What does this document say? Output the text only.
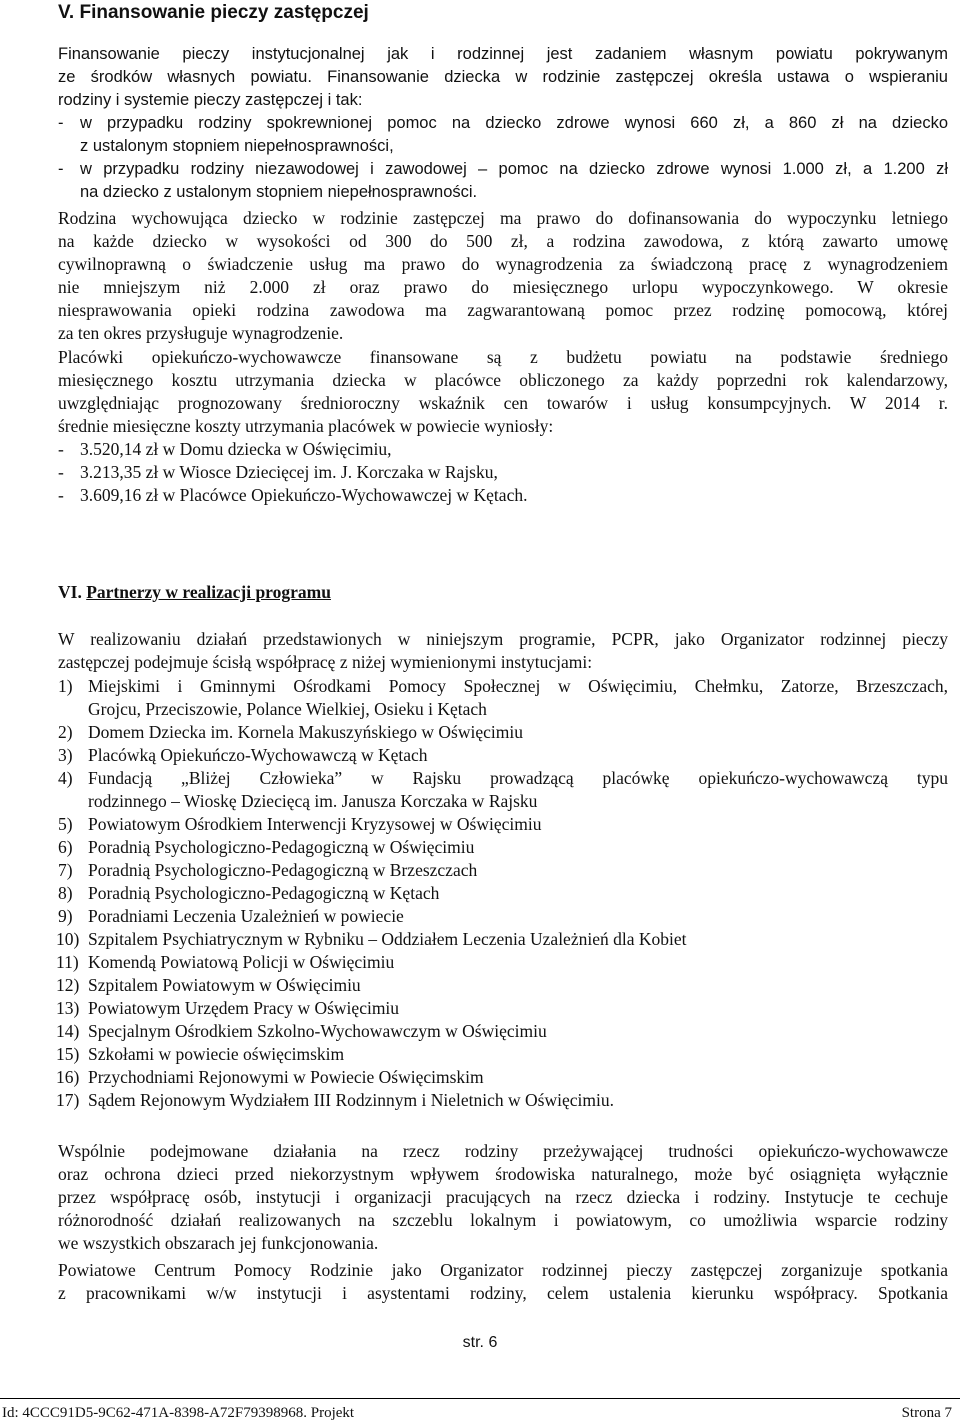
V. Finansowanie pieczy zastępczej
Finansowanie pieczy instytucjonalnej jak i rodzinnej jest zadaniem własnym powiatu pokrywanym
ze środków własnych powiatu. Finansowanie dziecka w rodzinie zastępczej określa ustawa o wspieraniu
rodziny i systemie pieczy zastępczej i tak:
- w przypadku rodziny spokrewnionej pomoc na dziecko zdrowe wynosi 660 zł, a 860 zł na dziecko
z ustalonym stopniem niepełnosprawności,
- w przypadku rodziny niezawodowej i zawodowej – pomoc na dziecko zdrowe wynosi 1.000 zł, a 1.200 zł
na dziecko z ustalonym stopniem niepełnosprawności.
Rodzina wychowująca dziecko w rodzinie zastępczej ma prawo do dofinansowania do wypoczynku letniego
na każde dziecko w wysokości od 300 do 500 zł, a rodzina zawodowa, z którą zawarto umowę
cywilnoprawną o świadczenie usług ma prawo do wynagrodzenia za świadczoną pracę z wynagrodzeniem
nie mniejszym niż 2.000 zł oraz prawo do miesięcznego urlopu wypoczynkowego. W okresie
niesprawowania opieki rodzina zawodowa ma zagwarantowaną pomoc przez rodzinę pomocową, której
za ten okres przysługuje wynagrodzenie.
Placówki opiekuńczo-wychowawcze finansowane są z budżetu powiatu na podstawie średniego
miesięcznego kosztu utrzymania dziecka w placówce obliczonego za każdy poprzedni rok kalendarzowy,
uwzględniając prognozowany średnioroczny wskaźnik cen towarów i usług konsumpcyjnych. W 2014 r.
średnie miesięczne koszty utrzymania placówek w powiecie wyniosły:
- 3.520,14 zł w Domu dziecka w Oświęcimiu,
- 3.213,35 zł w Wiosce Dziecięcej im. J. Korczaka w Rajsku,
- 3.609,16 zł w Placówce Opiekuńczo-Wychowawczej w Kętach.
VI. Partnerzy w realizacji programu
W realizowaniu działań przedstawionych w niniejszym programie, PCPR, jako Organizator rodzinnej pieczy
zastępczej podejmuje ścisłą współpracę z niżej wymienionymi instytucjami:
1) Miejskimi i Gminnymi Ośrodkami Pomocy Społecznej w Oświęcimiu, Chełmku, Zatorze, Brzeszczach,
Grojcu, Przeciszowie, Polance Wielkiej, Osieku i Kętach
2) Domem Dziecka im. Kornela Makuszyńskiego w Oświęcimiu
3) Placówką Opiekuńczo-Wychowawczą w Kętach
4) Fundacją „Bliżej Człowieka” w Rajsku prowadzącą placówkę opiekuńczo-wychowawczą typu
rodzinnego – Wioskę Dziecięcą im. Janusza Korczaka w Rajsku
5) Powiatowym Ośrodkiem Interwencji Kryzysowej w Oświęcimiu
6) Poradnią Psychologiczno-Pedagogiczną w Oświęcimiu
7) Poradnią Psychologiczno-Pedagogiczną w Brzeszczach
8) Poradnią Psychologiczno-Pedagogiczną w Kętach
9) Poradniami Leczenia Uzależnień w powiecie
10) Szpitalem Psychiatrycznym w Rybniku – Oddziałem Leczenia Uzależnień dla Kobiet
11) Komendą Powiatową Policji w Oświęcimiu
12) Szpitalem Powiatowym w Oświęcimiu
13) Powiatowym Urzędem Pracy w Oświęcimiu
14) Specjalnym Ośrodkiem Szkolno-Wychowawczym w Oświęcimiu
15) Szkołami w powiecie oświęcimskim
16) Przychodniami Rejonowymi w Powiecie Oświęcimskim
17) Sądem Rejonowym Wydziałem III Rodzinnym i Nieletnich w Oświęcimiu.
Wspólnie podejmowane działania na rzecz rodziny przeżywającej trudności opiekuńczo-wychowawcze
oraz ochrona dzieci przed niekorzystnym wpływem środowiska naturalnego, może być osiągnięta wyłącznie
przez współpracę osób, instytucji i organizacji pracujących na rzecz dziecka i rodziny. Instytucje te cechuje
różnorodność działań realizowanych na szczeblu lokalnym i powiatowym, co umożliwia wsparcie rodziny
we wszystkich obszarach jej funkcjonowania.
Powiatowe Centrum Pomocy Rodzinie jako Organizator rodzinnej pieczy zastępczej zorganizuje spotkania
z pracownikami w/w instytucji i asystentami rodziny, celem ustalenia kierunku współpracy. Spotkania
str. 6
Id: 4CCC91D5-9C62-471A-8398-A72F79398968. Projekt	Strona 7
